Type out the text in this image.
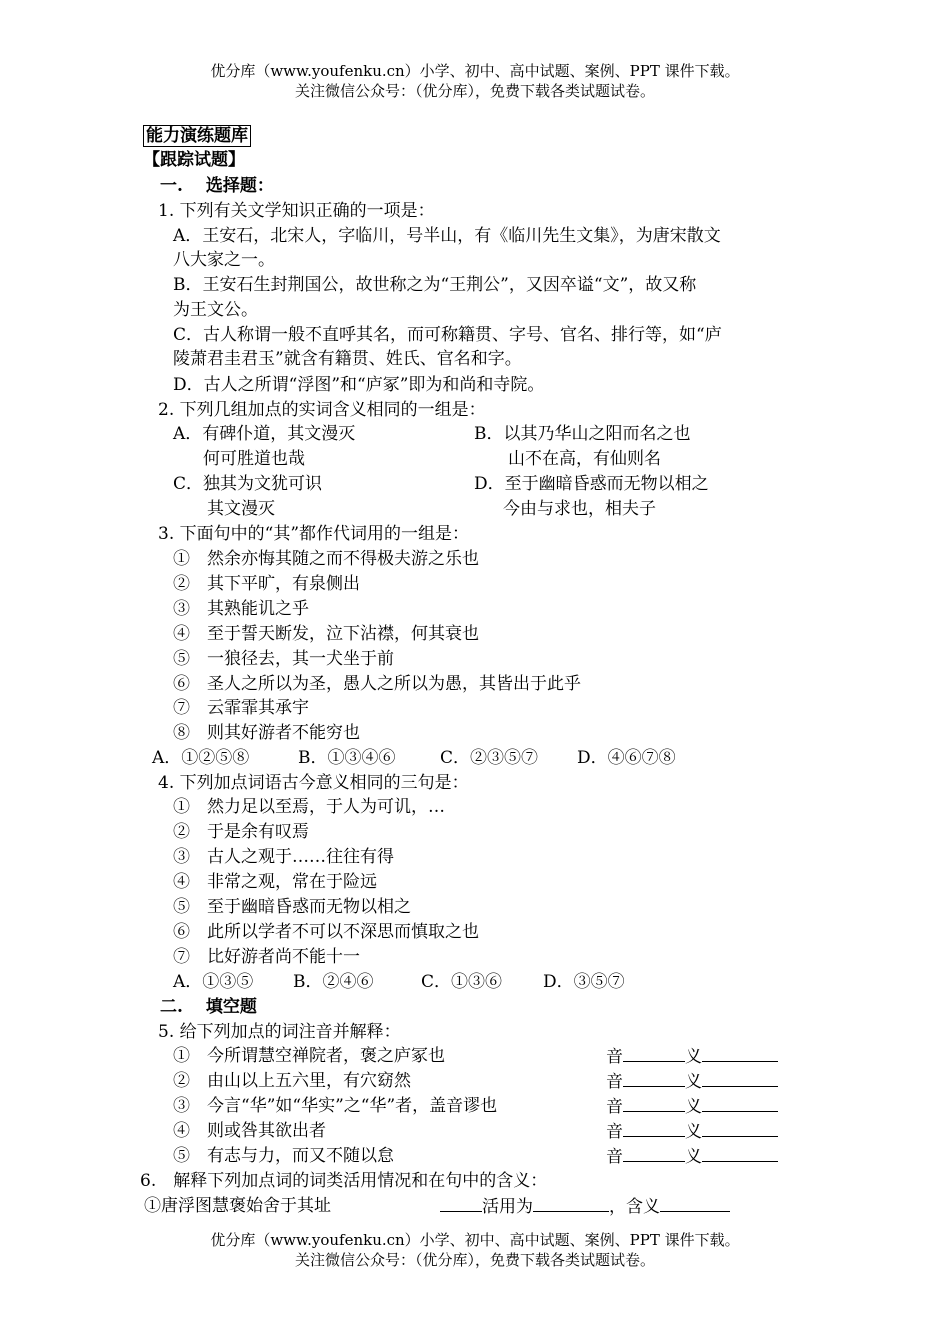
优分库（www.youfenku.cn）小学、初中、高中试题、案例、PPT 课件下载。
关注微信公众号：（优分库），免费下载各类试题试卷。
能力演练题库
【跟踪试题】
一.　 选择题：
1. 下列有关文学知识正确的一项是：
A．王安石，北宋人，字临川，号半山，有《临川先生文集》，为唐宋散文
八大家之一。
B．王安石生封荆国公，故世称之为“王荆公”，又因卒谥“文”，故又称
为王文公。
C．古人称谓一般不直呼其名，而可称籍贯、字号、官名、排行等，如“庐
陵萧君圭君玉”就含有籍贯、姓氏、官名和字。
D．古人之所谓“浮图”和“庐冢”即为和尚和寺院。
2. 下列几组加点的实词含义相同的一组是：
A．有碑仆道，其文漫灭
何可胜道也哉
B．以其乃华山之阳而名之也
山不在高，有仙则名
C．独其为文犹可识
其文漫灭
D．至于幽暗昏惑而无物以相之
今由与求也，相夫子
3. 下面句中的“其”都作代词用的一组是：
①　然余亦悔其随之而不得极夫游之乐也
②　其下平旷，有泉侧出
③　其熟能讥之乎
④　至于誓天断发，泣下沾襟，何其衰也
⑤　一狼径去，其一犬坐于前
⑥　圣人之所以为圣，愚人之所以为愚，其皆出于此乎
⑦　云霏霏其承宇
⑧　则其好游者不能穷也
A．①②⑤⑧	B．①③④⑥	C．②③⑤⑦ D．④⑥⑦⑧
4. 下列加点词语古今意义相同的三句是：
①　然力足以至焉，于人为可讥，…
②　于是余有叹焉
③　古人之观于……往往有得
④　非常之观，常在于险远
⑤　至于幽暗昏惑而无物以相之
⑥　此所以学者不可以不深思而慎取之也
⑦　比好游者尚不能十一
A．①③⑤ B．②④⑥	C．①③⑥ D．③⑤⑦
二.　 填空题
5. 给下列加点的词注音并解释：
①　今所谓慧空禅院者，褒之庐冢也	音	义
②　由山以上五六里，有穴窈然	音	义
③　今言“华”如“华实”之“华”者，盖音谬也	音	义
④　则或咎其欲出者	音	义
⑤　有志与力，而又不随以怠	音	义
6.　解释下列加点词的词类活用情况和在句中的含义：
①唐浮图慧褒始舍于其址	活用为	，含义
优分库（www.youfenku.cn）小学、初中、高中试题、案例、PPT 课件下载。
关注微信公众号：（优分库），免费下载各类试题试卷。
